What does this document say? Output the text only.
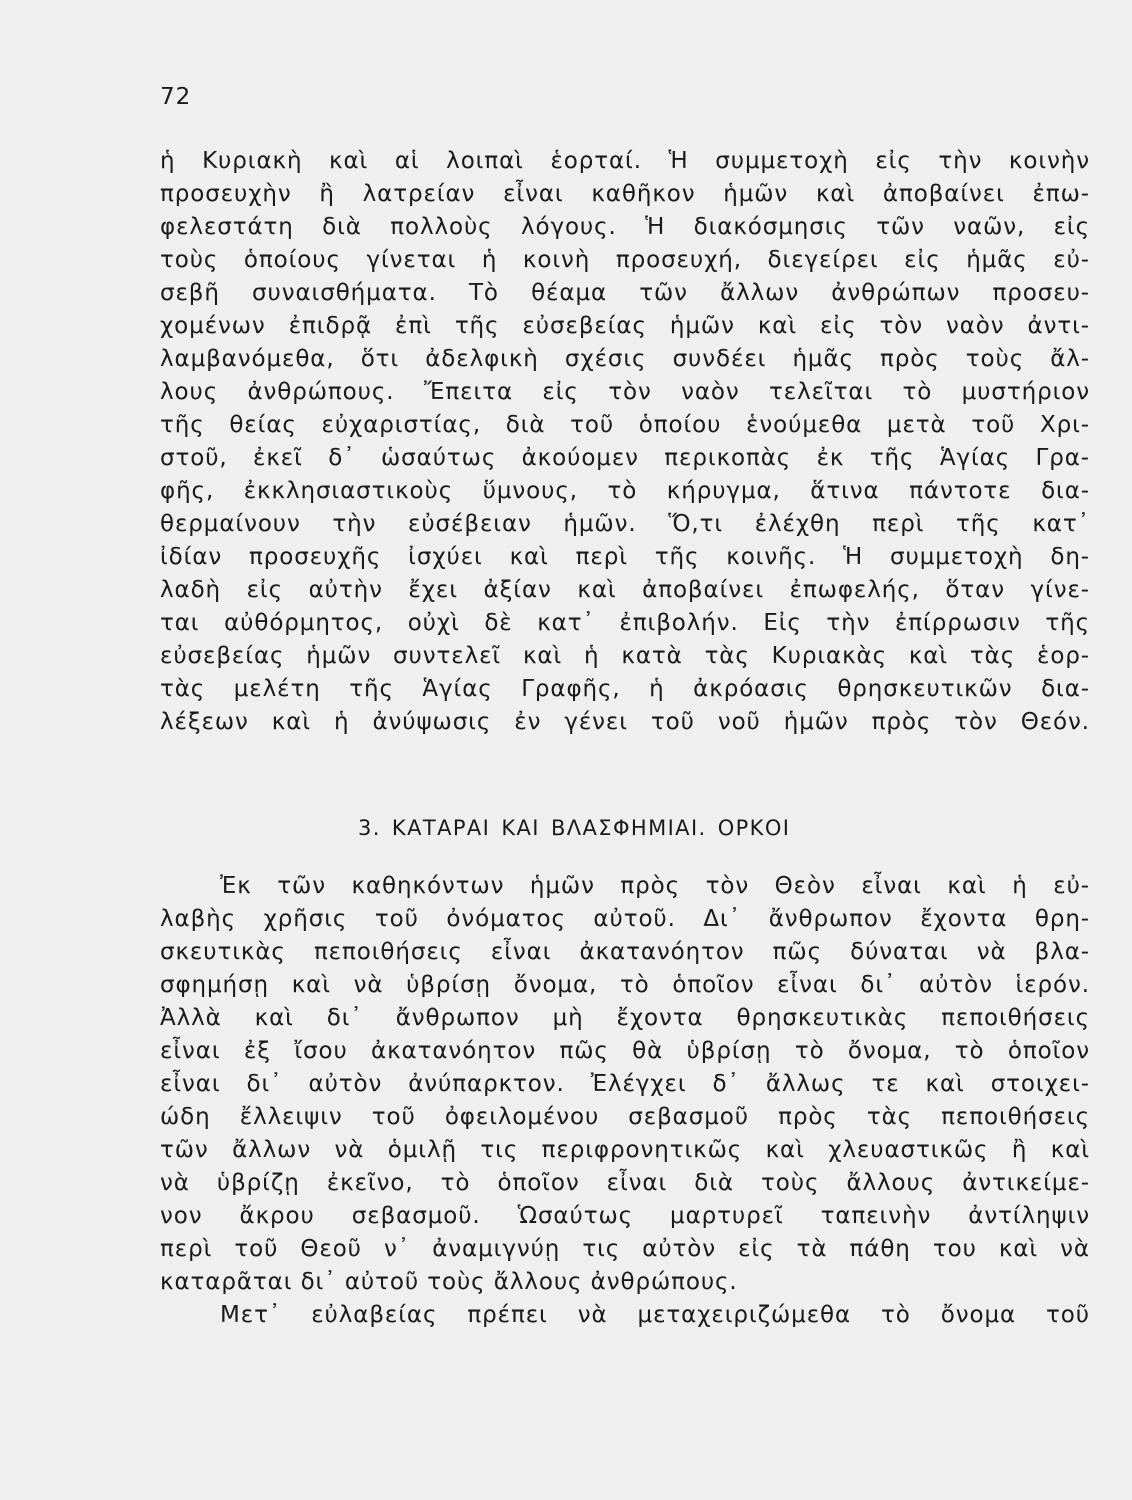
72
ἡ Κυριακὴ καὶ αἱ λοιπαὶ ἑορταί. Ἡ συμμετοχὴ εἰς τὴν κοινὴν
προσευχὴν ἢ λατρείαν εἶναι καθῆκον ἡμῶν καὶ ἀποβαίνει ἐπω-
φελεστάτη διὰ πολλοὺς λόγους. Ἡ διακόσμησις τῶν ναῶν, εἰς
τοὺς ὁποίους γίνεται ἡ κοινὴ προσευχή, διεγείρει εἰς ἡμᾶς εὐ-
σεβῆ συναισθήματα. Τὸ θέαμα τῶν ἄλλων ἀνθρώπων προσευ-
χομένων ἐπιδρᾷ ἐπὶ τῆς εὐσεβείας ἡμῶν καὶ εἰς τὸν ναὸν ἀντι-
λαμβανόμεθα, ὅτι ἀδελφικὴ σχέσις συνδέει ἡμᾶς πρὸς τοὺς ἄλ-
λους ἀνθρώπους. Ἔπειτα εἰς τὸν ναὸν τελεῖται τὸ μυστήριον
τῆς θείας εὐχαριστίας, διὰ τοῦ ὁποίου ἑνούμεθα μετὰ τοῦ Χρι-
στοῦ, ἐκεῖ δ᾽ ὡσαύτως ἀκούομεν περικοπὰς ἐκ τῆς Ἁγίας Γρα-
φῆς, ἐκκλησιαστικοὺς ὕμνους, τὸ κήρυγμα, ἅτινα πάντοτε δια-
θερμαίνουν τὴν εὐσέβειαν ἡμῶν. Ὅ,τι ἐλέχθη περὶ τῆς κατ᾽
ἰδίαν προσευχῆς ἰσχύει καὶ περὶ τῆς κοινῆς. Ἡ συμμετοχὴ δη-
λαδὴ εἰς αὐτὴν ἔχει ἀξίαν καὶ ἀποβαίνει ἐπωφελής, ὅταν γίνε-
ται αὐθόρμητος, οὐχὶ δὲ κατ᾽ ἐπιβολήν. Εἰς τὴν ἐπίρρωσιν τῆς
εὐσεβείας ἡμῶν συντελεῖ καὶ ἡ κατὰ τὰς Κυριακὰς καὶ τὰς ἑορ-
τὰς μελέτη τῆς Ἁγίας Γραφῆς, ἡ ἀκρόασις θρησκευτικῶν δια-
λέξεων καὶ ἡ ἀνύψωσις ἐν γένει τοῦ νοῦ ἡμῶν πρὸς τὸν Θεόν.
3. ΚΑΤΑΡΑΙ ΚΑΙ ΒΛΑΣΦΗΜΙΑΙ. ΟΡΚΟΙ
Ἐκ τῶν καθηκόντων ἡμῶν πρὸς τὸν Θεὸν εἶναι καὶ ἡ εὐ-
λαβὴς χρῆσις τοῦ ὀνόματος αὐτοῦ. Δι᾽ ἄνθρωπον ἔχοντα θρη-
σκευτικὰς πεποιθήσεις εἶναι ἀκατανόητον πῶς δύναται νὰ βλα-
σφημήσῃ καὶ νὰ ὑβρίσῃ ὄνομα, τὸ ὁποῖον εἶναι δι᾽ αὐτὸν ἱερόν.
Ἀλλὰ καὶ δι᾽ ἄνθρωπον μὴ ἔχοντα θρησκευτικὰς πεποιθήσεις
εἶναι ἐξ ἴσου ἀκατανόητον πῶς θὰ ὑβρίσῃ τὸ ὄνομα, τὸ ὁποῖον
εἶναι δι᾽ αὐτὸν ἀνύπαρκτον. Ἐλέγχει δ᾽ ἄλλως τε καὶ στοιχει-
ώδη ἔλλειψιν τοῦ ὀφειλομένου σεβασμοῦ πρὸς τὰς πεποιθήσεις
τῶν ἄλλων νὰ ὁμιλῇ τις περιφρονητικῶς καὶ χλευαστικῶς ἢ καὶ
νὰ ὑβρίζῃ ἐκεῖνο, τὸ ὁποῖον εἶναι διὰ τοὺς ἄλλους ἀντικείμε-
νον ἄκρου σεβασμοῦ. Ὡσαύτως μαρτυρεῖ ταπεινὴν ἀντίληψιν
περὶ τοῦ Θεοῦ ν᾽ ἀναμιγνύῃ τις αὐτὸν εἰς τὰ πάθη του καὶ νὰ
καταρᾶται δι᾽ αὐτοῦ τοὺς ἄλλους ἀνθρώπους.
Μετ᾽ εὐλαβείας πρέπει νὰ μεταχειριζώμεθα τὸ ὄνομα τοῦ
